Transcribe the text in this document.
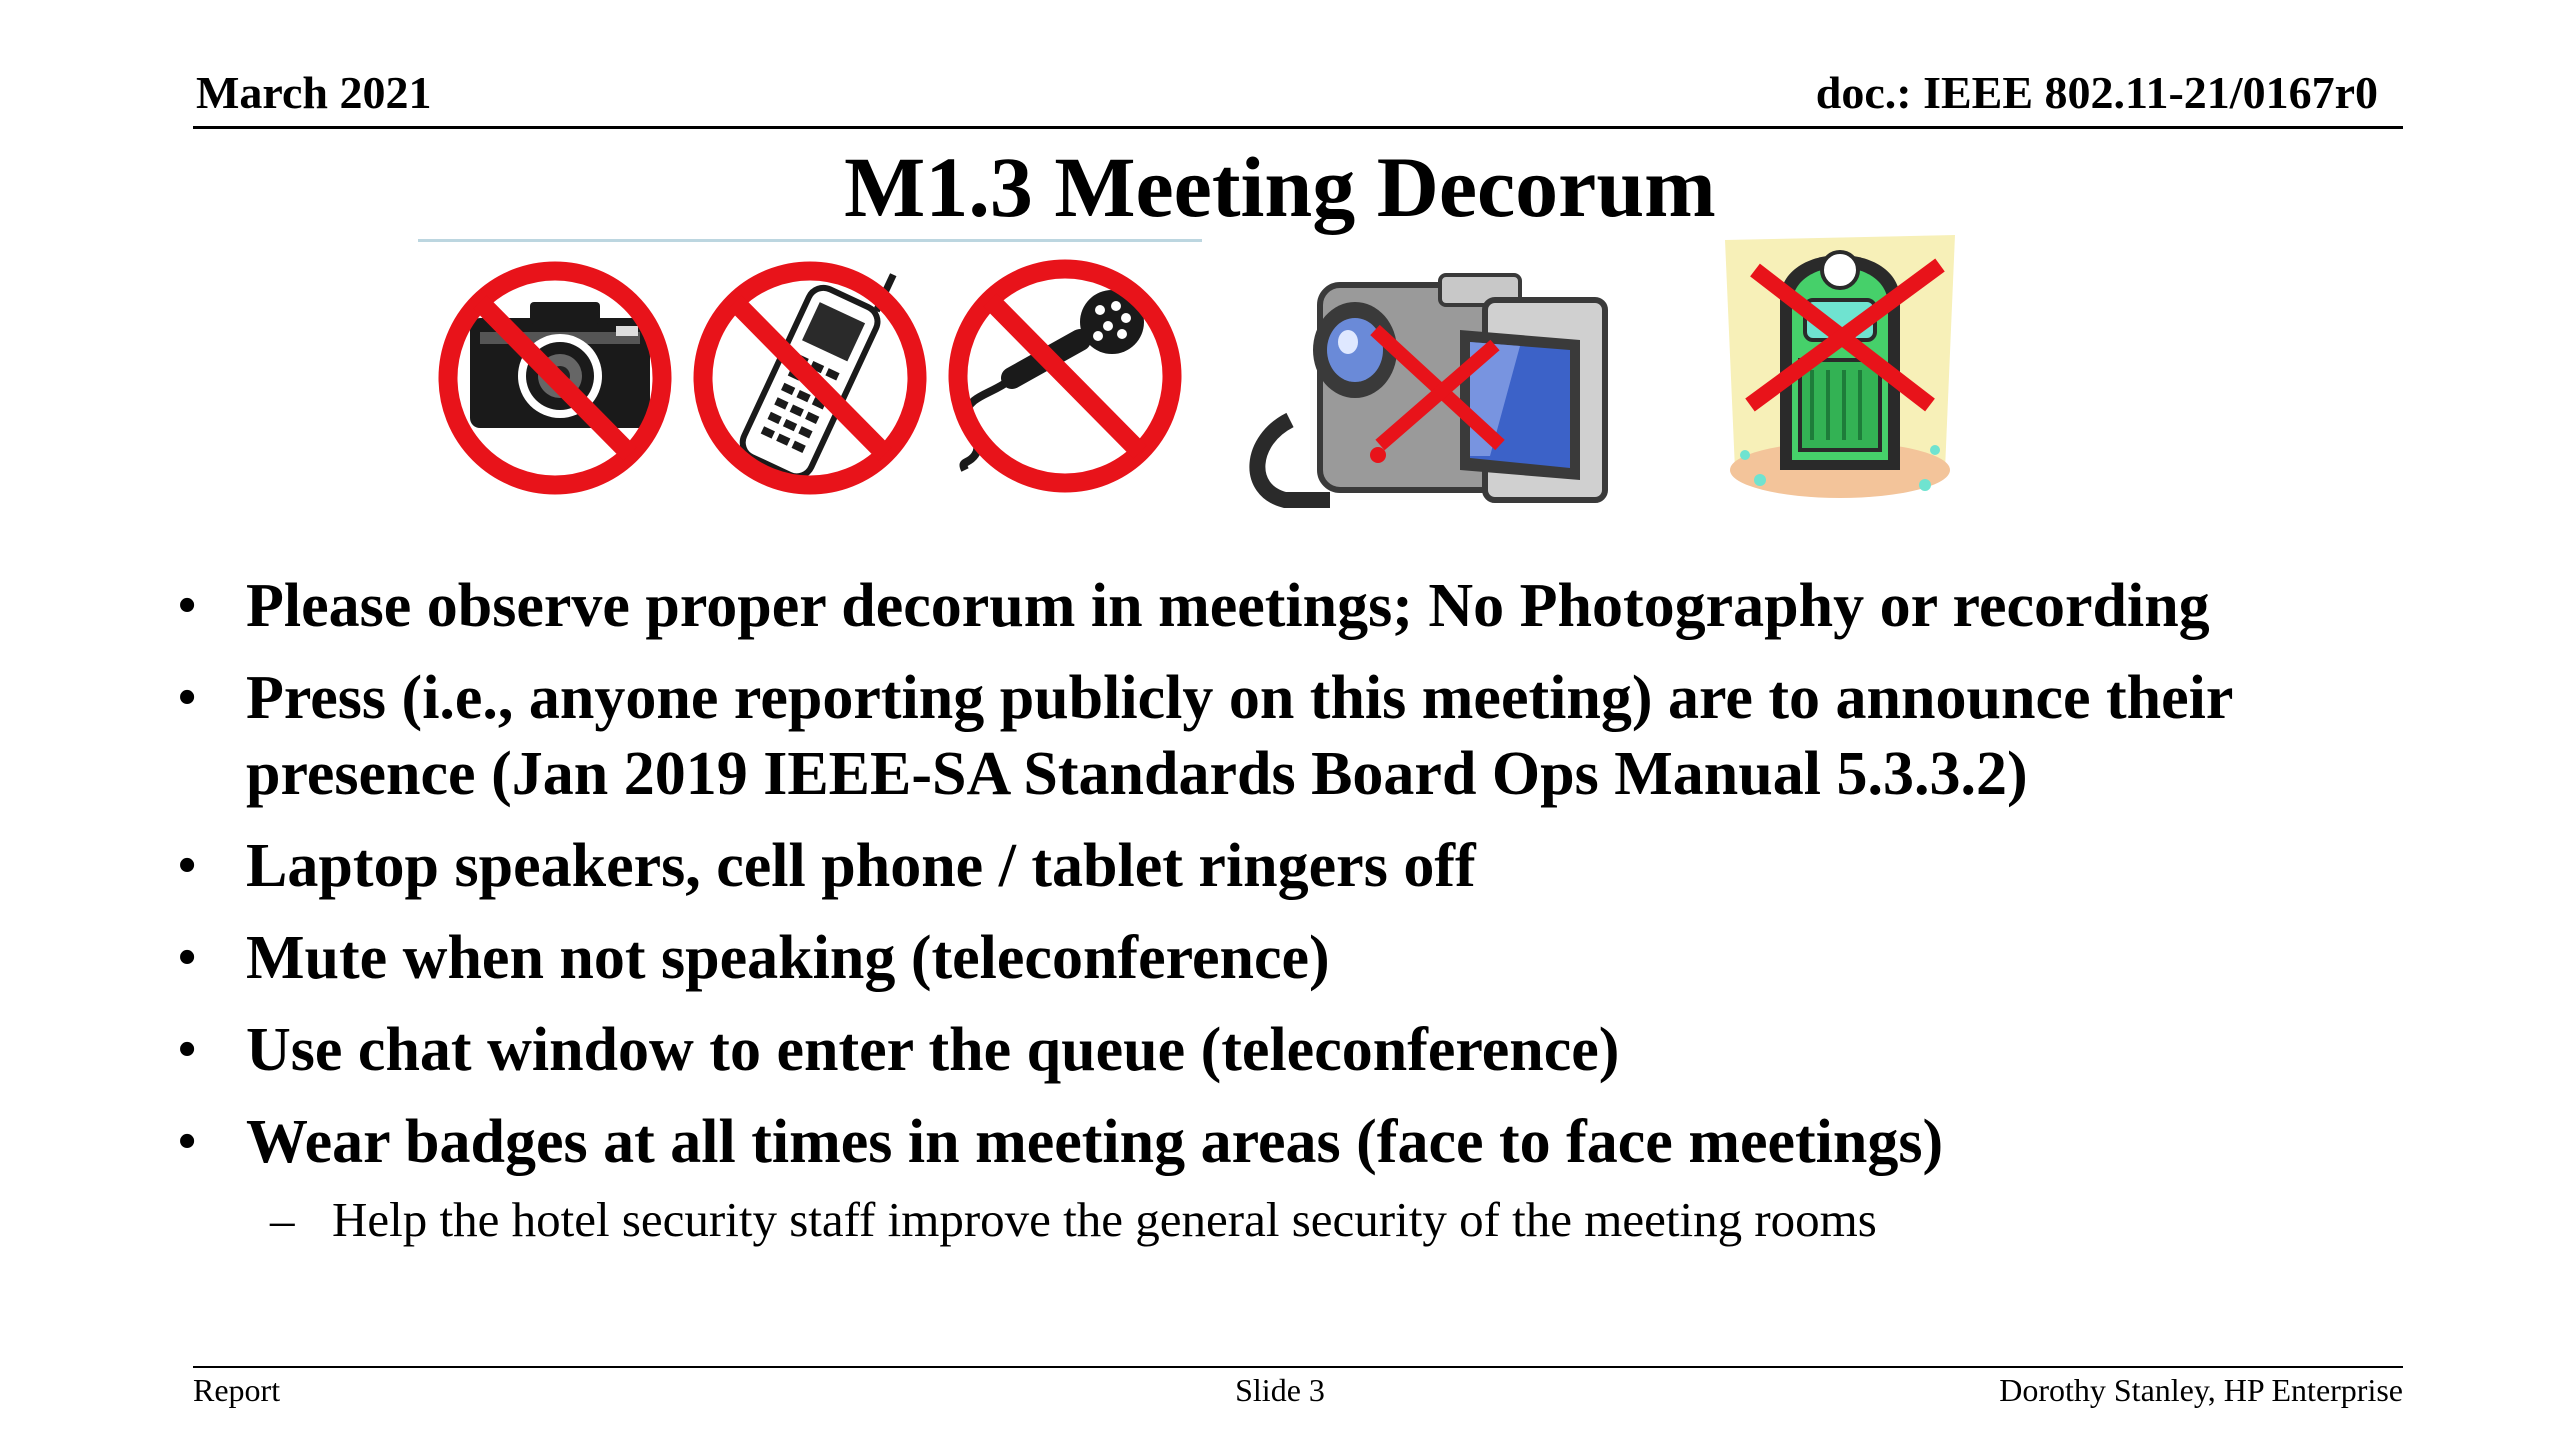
March 2021	doc.: IEEE 802.11-21/0167r0
M1.3 Meeting Decorum
• Please observe proper decorum in meetings; No Photography or recording
• Press (i.e., anyone reporting publicly on this meeting) are to announce their presence (Jan 2019 IEEE-SA Standards Board Ops Manual 5.3.3.2)
• Laptop speakers, cell phone / tablet ringers off
• Mute when not speaking (teleconference)
• Use chat window to enter the queue (teleconference)
• Wear badges at all times in meeting areas (face to face meetings)
– Help the hotel security staff improve the general security of the meeting rooms
Report	Slide 3	Dorothy Stanley, HP Enterprise
